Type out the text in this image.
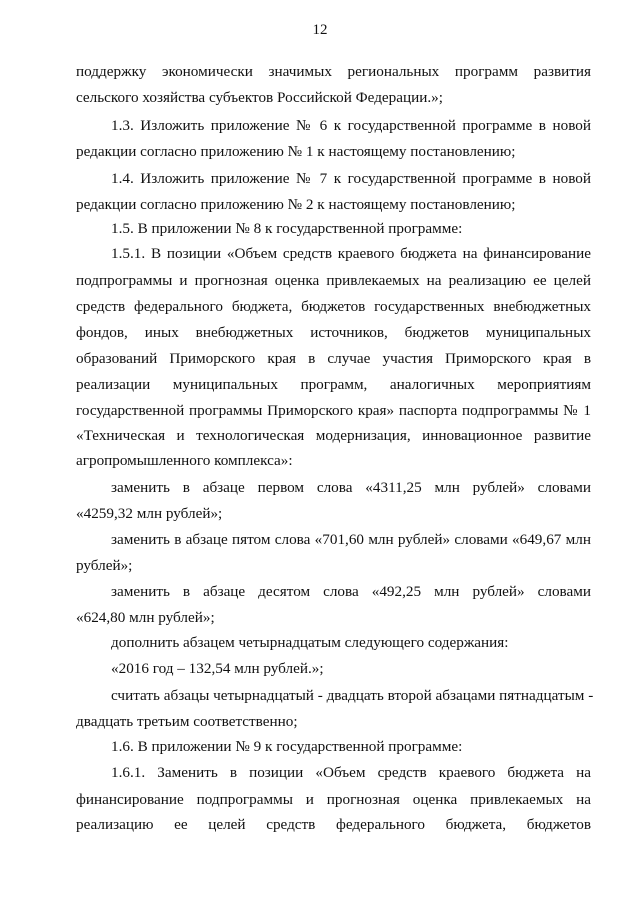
12
поддержку экономически значимых региональных программ развития
сельского хозяйства субъектов Российской Федерации.»;
1.3. Изложить приложение № 6 к государственной программе в новой
редакции согласно приложению № 1 к настоящему постановлению;
1.4. Изложить приложение № 7 к государственной программе в новой
редакции согласно приложению № 2 к настоящему постановлению;
1.5. В приложении № 8 к государственной программе:
1.5.1. В позиции «Объем средств краевого бюджета на финансирование
подпрограммы и прогнозная оценка привлекаемых на реализацию ее целей
средств федерального бюджета, бюджетов государственных внебюджетных
фондов, иных внебюджетных источников, бюджетов муниципальных
образований Приморского края в случае участия Приморского края в
реализации муниципальных программ, аналогичных мероприятиям
государственной программы Приморского края» паспорта подпрограммы № 1
«Техническая и технологическая модернизация, инновационное развитие
агропромышленного комплекса»:
заменить в абзаце первом слова «4311,25 млн рублей» словами
«4259,32 млн рублей»;
заменить в абзаце пятом слова «701,60 млн рублей» словами «649,67 млн
рублей»;
заменить в абзаце десятом слова «492,25 млн рублей» словами
«624,80 млн рублей»;
дополнить абзацем четырнадцатым следующего содержания:
«2016 год – 132,54 млн рублей.»;
считать абзацы четырнадцатый - двадцать второй абзацами пятнадцатым -
двадцать третьим соответственно;
1.6. В приложении № 9 к государственной программе:
1.6.1. Заменить в позиции «Объем средств краевого бюджета на
финансирование подпрограммы и прогнозная оценка привлекаемых на
реализацию ее целей средств федерального бюджета, бюджетов
